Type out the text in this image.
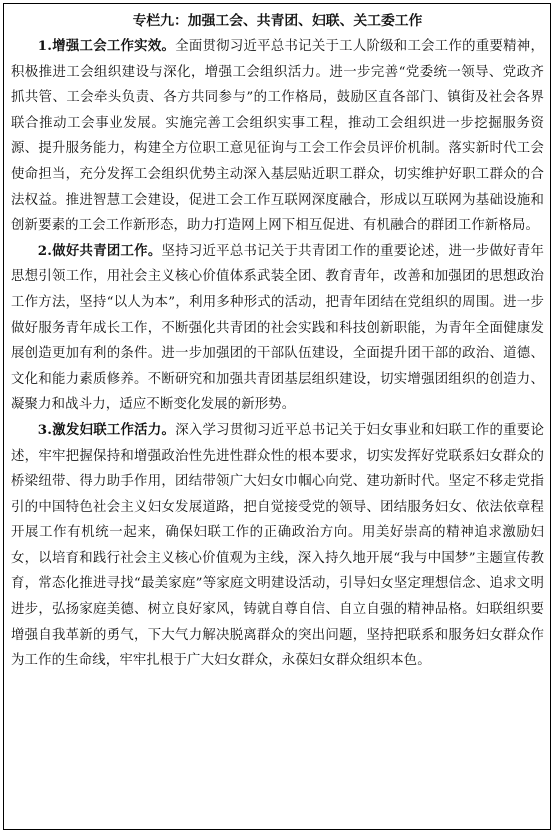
专栏九：加强工会、共青团、妇联、关工委工作

1.增强工会工作实效。全面贯彻习近平总书记关于工人阶级和工会工作的重要精神，积极推进工会组织建设与深化，增强工会组织活力。进一步完善“党委统一领导、党政齐抓共管、工会牵头负责、各方共同参与”的工作格局，鼓励区直各部门、镇街及社会各界联合推动工会事业发展。实施完善工会组织实事工程，推动工会组织进一步挖掘服务资源、提升服务能力，构建全方位职工意见征询与工会工作会员评价机制。落实新时代工会使命担当，充分发挥工会组织优势主动深入基层贴近职工群众，切实维护好职工群众的合法权益。推进智慧工会建设，促进工会工作互联网深度融合，形成以互联网为基础设施和创新要素的工会工作新形态，助力打造网上网下相互促进、有机融合的群团工作新格局。

2.做好共青团工作。坚持习近平总书记关于共青团工作的重要论述，进一步做好青年思想引领工作，用社会主义核心价值体系武装全团、教育青年，改善和加强团的思想政治工作方法，坚持“以人为本”，利用多种形式的活动，把青年团结在党组织的周围。进一步做好服务青年成长工作，不断强化共青团的社会实践和科技创新职能，为青年全面健康发展创造更加有利的条件。进一步加强团的干部队伍建设，全面提升团干部的政治、道德、文化和能力素质修养。不断研究和加强共青团基层组织建设，切实增强团组织的创造力、凝聚力和战斗力，适应不断变化发展的新形势。

3.激发妇联工作活力。深入学习贯彻习近平总书记关于妇女事业和妇联工作的重要论述，牢牢把握保持和增强政治性先进性群众性的根本要求，切实发挥好党联系妇女群众的桥梁纽带、得力助手作用，团结带领广大妇女巾帼心向党、建功新时代。坚定不移走党指引的中国特色社会主义妇女发展道路，把自觉接受党的领导、团结服务妇女、依法依章程开展工作有机统一起来，确保妇联工作的正确政治方向。用美好崇高的精神追求激励妇女，以培育和践行社会主义核心价值观为主线，深入持久地开展“我与中国梦”主题宣传教育，常态化推进寻找“最美家庭”等家庭文明建设活动，引导妇女坚定理想信念、追求文明进步，弘扬家庭美德、树立良好家风，铸就自尊自信、自立自强的精神品格。妇联组织要增强自我革新的勇气，下大气力解决脱离群众的突出问题，坚持把联系和服务妇女群众作为工作的生命线，牢牢扎根于广大妇女群众，永葆妇女群众组织本色。
